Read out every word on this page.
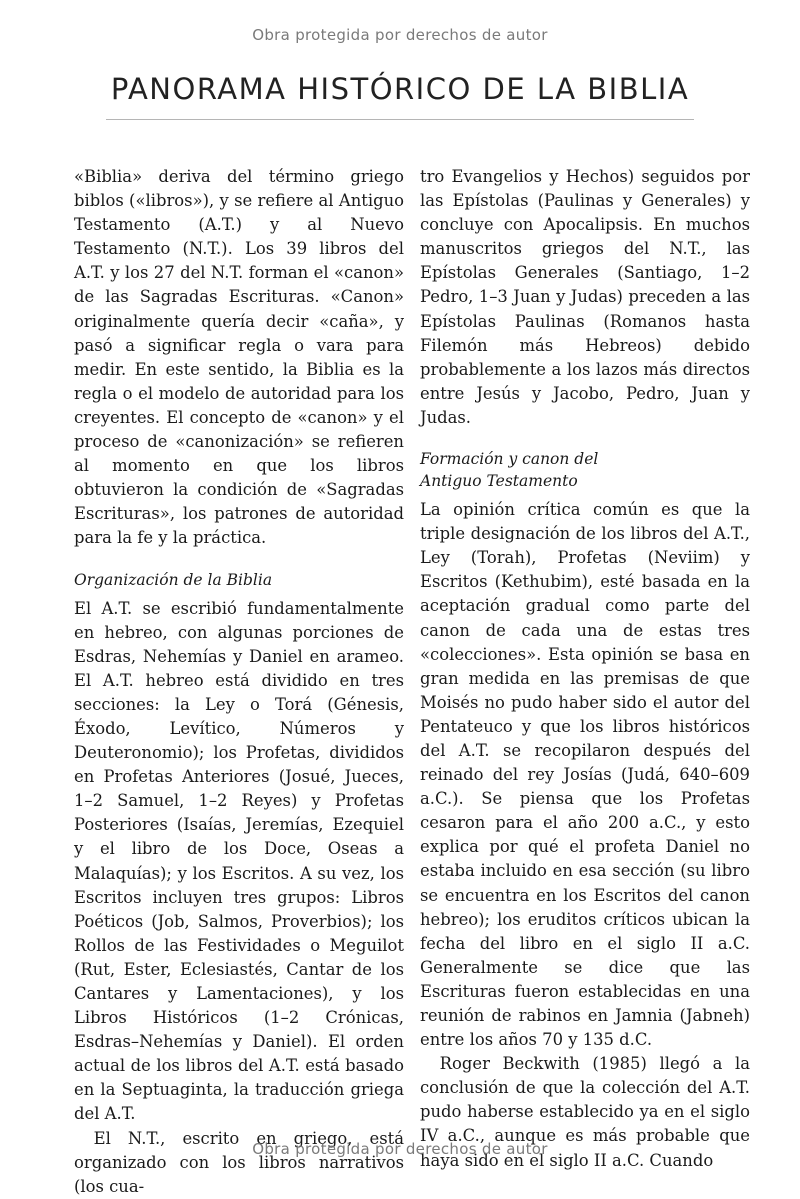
Obra protegida por derechos de autor
PANORAMA HISTÓRICO DE LA BIBLIA

«Biblia» deriva del término griego biblos («libros»), y se refiere al Antiguo Testamento (A.T.) y al Nuevo Testamento (N.T.). Los 39 libros del A.T. y los 27 del N.T. forman el «canon» de las Sagradas Escrituras. «Canon» originalmente quería decir «caña», y pasó a significar regla o vara para medir. En este sentido, la Biblia es la regla o el modelo de autoridad para los creyentes. El concepto de «canon» y el proceso de «canonización» se refieren al momento en que los libros obtuvieron la condición de «Sagradas Escrituras», los patrones de autoridad para la fe y la práctica.

Organización de la Biblia

El A.T. se escribió fundamentalmente en hebreo, con algunas porciones de Esdras, Nehemías y Daniel en arameo. El A.T. hebreo está dividido en tres secciones: la Ley o Torá (Génesis, Éxodo, Levítico, Números y Deuteronomio); los Profetas, divididos en Profetas Anteriores (Josué, Jueces, 1–2 Samuel, 1–2 Reyes) y Profetas Posteriores (Isaías, Jeremías, Ezequiel y el libro de los Doce, Oseas a Malaquías); y los Escritos. A su vez, los Escritos incluyen tres grupos: Libros Poéticos (Job, Salmos, Proverbios); los Rollos de las Festividades o Meguilot (Rut, Ester, Eclesiastés, Cantar de los Cantares y Lamentaciones), y los Libros Históricos (1–2 Crónicas, Esdras–Nehemías y Daniel). El orden actual de los libros del A.T. está basado en la Septuaginta, la traducción griega del A.T.

El N.T., escrito en griego, está organizado con los libros narrativos (los cua-

tro Evangelios y Hechos) seguidos por las Epístolas (Paulinas y Generales) y concluye con Apocalipsis. En muchos manuscritos griegos del N.T., las Epístolas Generales (Santiago, 1–2 Pedro, 1–3 Juan y Judas) preceden a las Epístolas Paulinas (Romanos hasta Filemón más Hebreos) debido probablemente a los lazos más directos entre Jesús y Jacobo, Pedro, Juan y Judas.

Formación y canon del
Antiguo Testamento

La opinión crítica común es que la triple designación de los libros del A.T., Ley (Torah), Profetas (Neviim) y Escritos (Kethubim), esté basada en la aceptación gradual como parte del canon de cada una de estas tres «colecciones». Esta opinión se basa en gran medida en las premisas de que Moisés no pudo haber sido el autor del Pentateuco y que los libros históricos del A.T. se recopilaron después del reinado del rey Josías (Judá, 640–609 a.C.). Se piensa que los Profetas cesaron para el año 200 a.C., y esto explica por qué el profeta Daniel no estaba incluido en esa sección (su libro se encuentra en los Escritos del canon hebreo); los eruditos críticos ubican la fecha del libro en el siglo II a.C. Generalmente se dice que las Escrituras fueron establecidas en una reunión de rabinos en Jamnia (Jabneh) entre los años 70 y 135 d.C.

Roger Beckwith (1985) llegó a la conclusión de que la colección del A.T. pudo haberse establecido ya en el siglo IV a.C., aunque es más probable que haya sido en el siglo II a.C. Cuando

Obra protegida por derechos de autor
